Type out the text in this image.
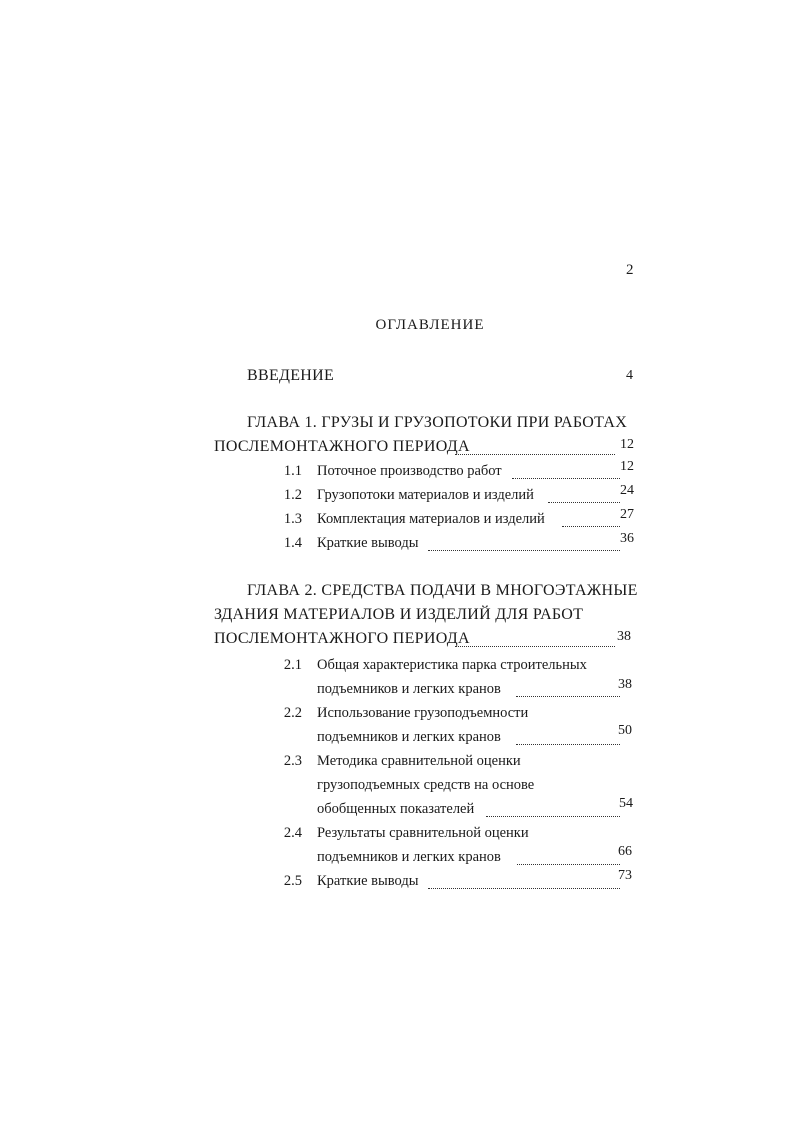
2
ОГЛАВЛЕНИЕ
ВВЕДЕНИЕ	4
ГЛАВА 1. ГРУЗЫ И ГРУЗОПОТОКИ ПРИ РАБОТАХ
ПОСЛЕМОНТАЖНОГО ПЕРИОДА	12
1.1 Поточное производство работ	12
1.2 Грузопотоки материалов и изделий	24
1.3 Комплектация материалов и изделий	27
1.4 Краткие выводы	36
ГЛАВА 2. СРЕДСТВА ПОДАЧИ В МНОГОЭТАЖНЫЕ
ЗДАНИЯ МАТЕРИАЛОВ И ИЗДЕЛИЙ ДЛЯ РАБОТ
ПОСЛЕМОНТАЖНОГО ПЕРИОДА	38
2.1 Общая характеристика парка строительных
подъемников и легких кранов	38
2.2 Использование грузоподъемности
подъемников и легких кранов	50
2.3 Методика сравнительной оценки
грузоподъемных средств на основе
обобщенных показателей	54
2.4 Результаты сравнительной оценки
подъемников и легких кранов	66
2.5 Краткие выводы	73
